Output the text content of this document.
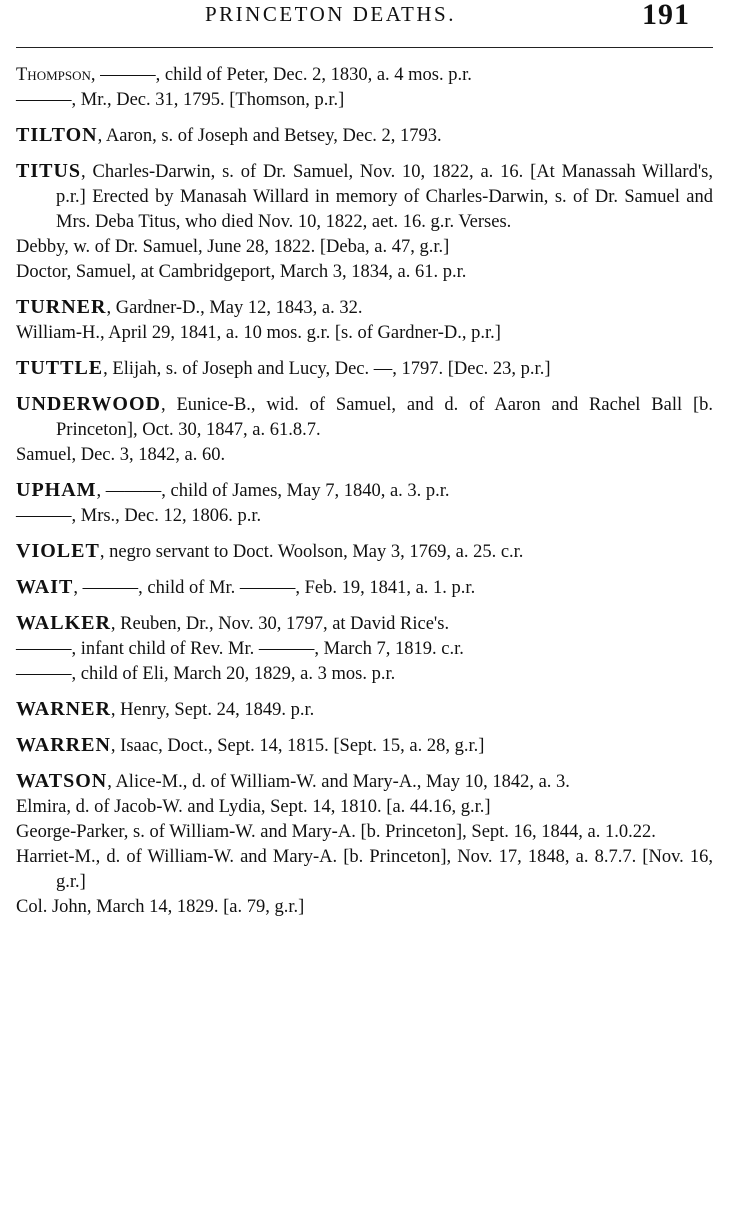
PRINCETON DEATHS.	191
Thompson, ———, child of Peter, Dec. 2, 1830, a. 4 mos. p.r.
———, Mr., Dec. 31, 1795. [Thomson, p.r.]
TILTON, Aaron, s. of Joseph and Betsey, Dec. 2, 1793.
TITUS, Charles-Darwin, s. of Dr. Samuel, Nov. 10, 1822, a. 16. [At Manassah Willard's, p.r.] Erected by Manasah Willard in memory of Charles-Darwin, s. of Dr. Samuel and Mrs. Deba Titus, who died Nov. 10, 1822, aet. 16. g.r. Verses.
Debby, w. of Dr. Samuel, June 28, 1822. [Deba, a. 47, g.r.]
Doctor, Samuel, at Cambridgeport, March 3, 1834, a. 61. p.r.
TURNER, Gardner-D., May 12, 1843, a. 32.
William-H., April 29, 1841, a. 10 mos. g.r. [s. of Gardner-D., p.r.]
TUTTLE, Elijah, s. of Joseph and Lucy, Dec. —, 1797. [Dec. 23, p.r.]
UNDERWOOD, Eunice-B., wid. of Samuel, and d. of Aaron and Rachel Ball [b. Princeton], Oct. 30, 1847, a. 61.8.7.
Samuel, Dec. 3, 1842, a. 60.
UPHAM, ———, child of James, May 7, 1840, a. 3. p.r.
———, Mrs., Dec. 12, 1806. p.r.
VIOLET, negro servant to Doct. Woolson, May 3, 1769, a. 25. c.r.
WAIT, ———, child of Mr. ———, Feb. 19, 1841, a. 1. p.r.
WALKER, Reuben, Dr., Nov. 30, 1797, at David Rice's.
———, infant child of Rev. Mr. ———, March 7, 1819. c.r.
———, child of Eli, March 20, 1829, a. 3 mos. p.r.
WARNER, Henry, Sept. 24, 1849. p.r.
WARREN, Isaac, Doct., Sept. 14, 1815. [Sept. 15, a. 28, g.r.]
WATSON, Alice-M., d. of William-W. and Mary-A., May 10, 1842, a. 3.
Elmira, d. of Jacob-W. and Lydia, Sept. 14, 1810. [a. 44.16, g.r.]
George-Parker, s. of William-W. and Mary-A. [b. Princeton], Sept. 16, 1844, a. 1.0.22.
Harriet-M., d. of William-W. and Mary-A. [b. Princeton], Nov. 17, 1848, a. 8.7.7. [Nov. 16, g.r.]
Col. John, March 14, 1829. [a. 79, g.r.]
